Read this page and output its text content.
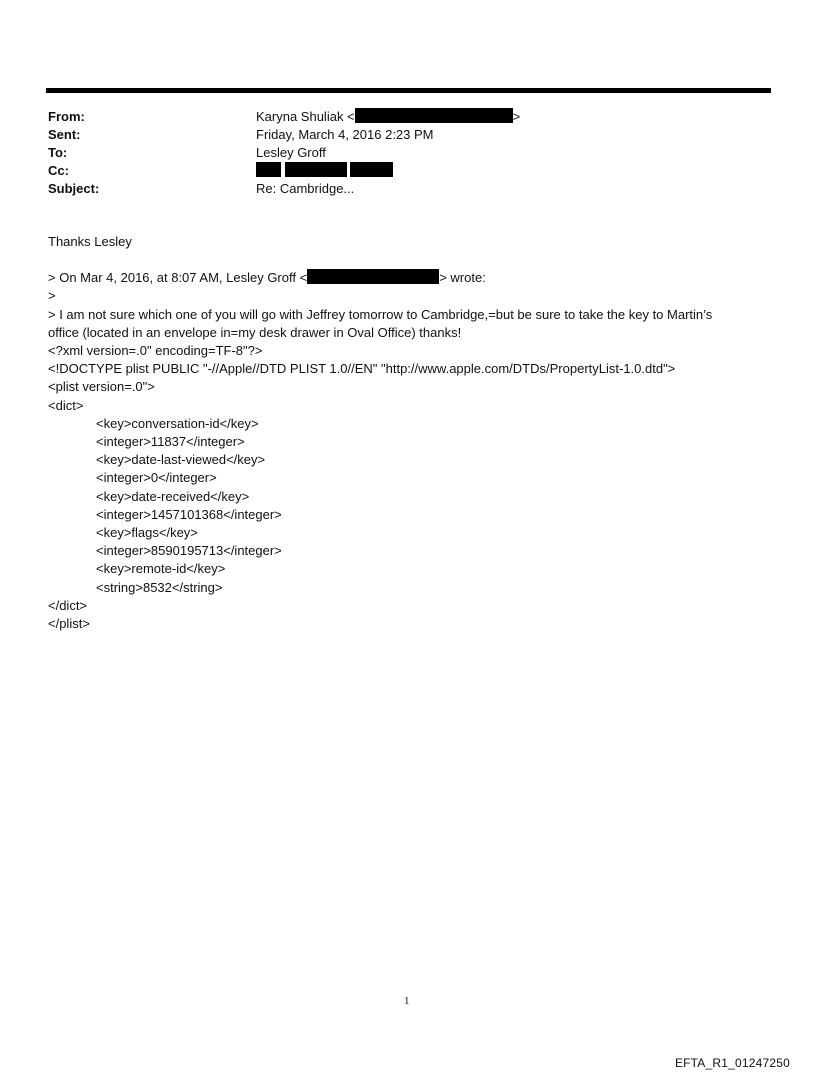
From:	Karyna Shuliak <	>
Sent:	Friday, March 4, 2016 2:23 PM
To:	Lesley Groff
Cc:

Subject:	Re: Cambridge...

Thanks Lesley

> On Mar 4, 2016, at 8:07 AM, Lesley Groff <	> wrote:

>

> I am not sure which one of you will go with Jeffrey tomorrow to Cambridge,=but be sure to take the key to Martin’s

office (located in an envelope in=my desk drawer in Oval Office) thanks!

<?xml version=.0" encoding=TF-8"?>

<!DOCTYPE plist PUBLIC "-//Apple//DTD PLIST 1.0//EN" "http://www.apple.com/DTDs/PropertyList-1.0.dtd">

<plist version=.0">

<dict>

<key>conversation-id</key>

<integer>11837</integer>

<key>date-last-viewed</key>

<integer>0</integer>

<key>date-received</key>

<integer>1457101368</integer>

<key>flags</key>

<integer>8590195713</integer>

<key>remote-id</key>

<string>8532</string>

</dict>

</plist>

1
EFTA_R1_01247250
